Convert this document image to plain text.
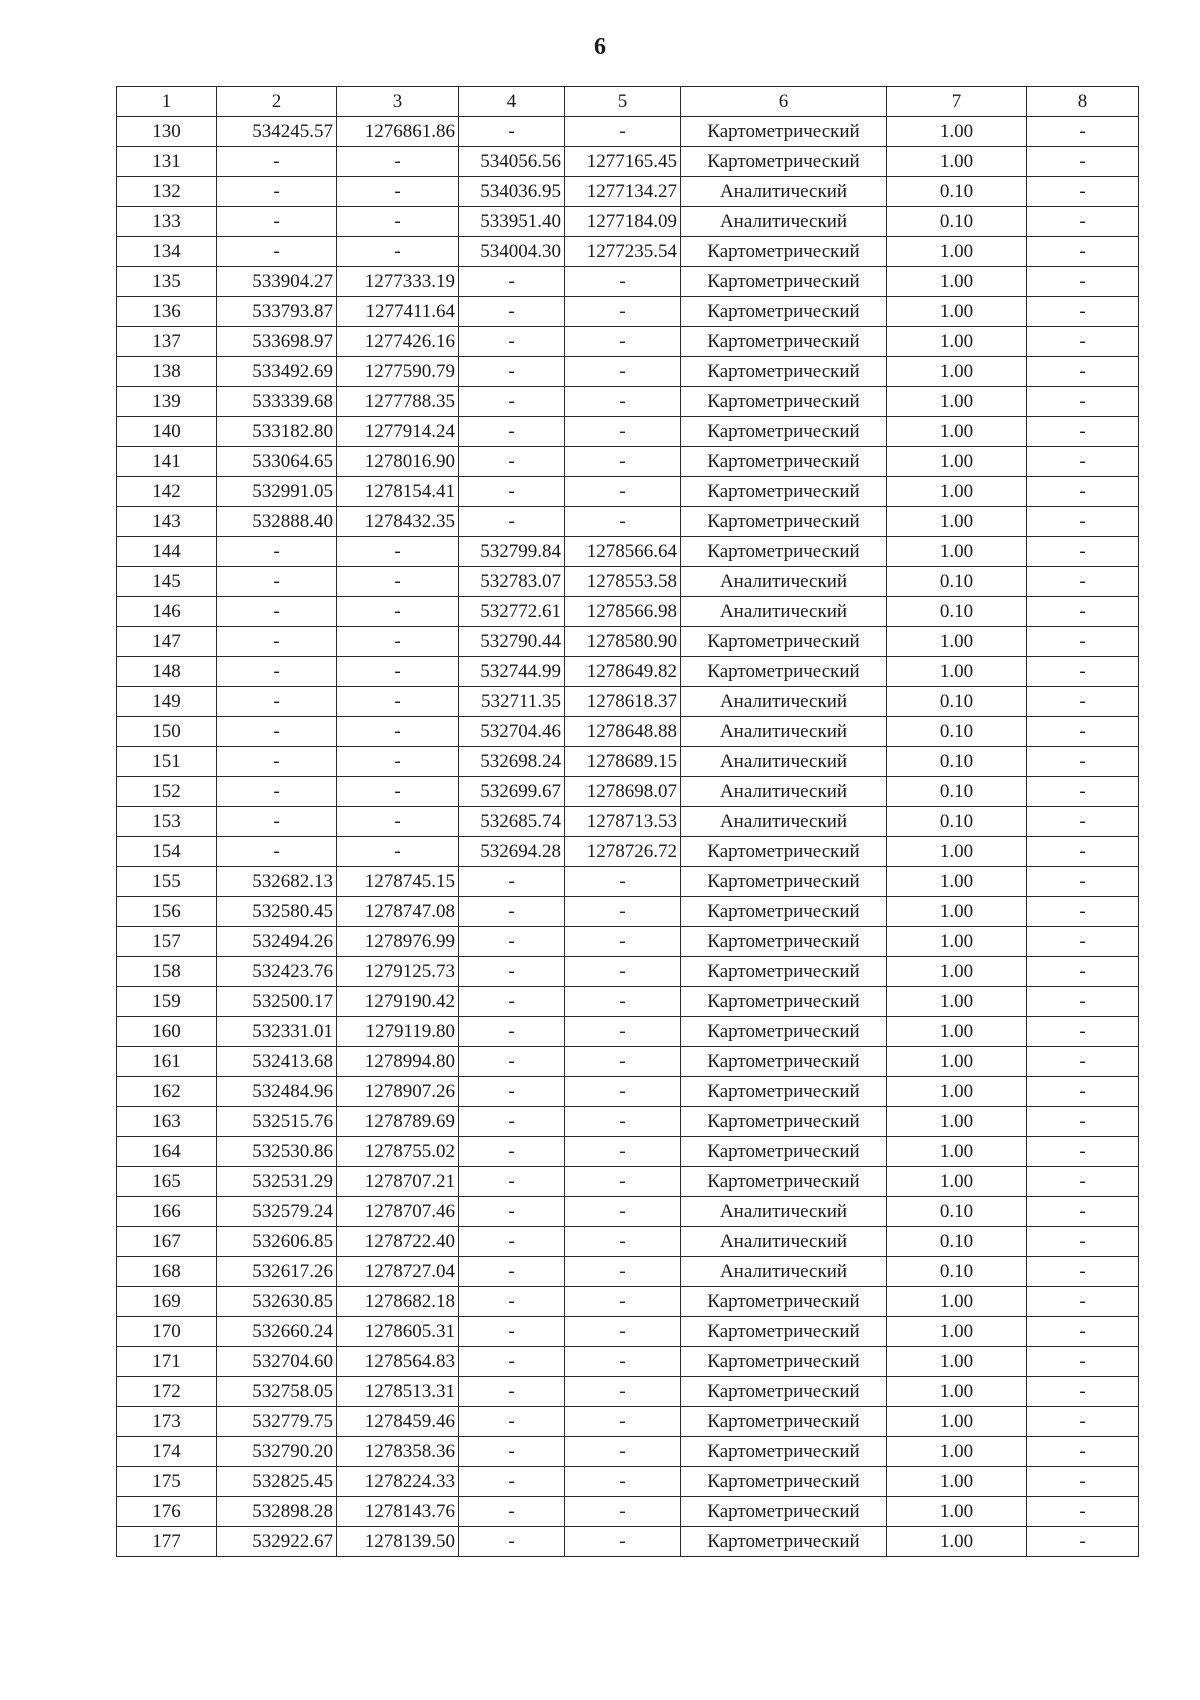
6
1	2	3	4	5	6	7	8
130	534245.57	1276861.86	-	-	Картометрический	1.00	-
131	-	-	534056.56	1277165.45	Картометрический	1.00	-
132	-	-	534036.95	1277134.27	Аналитический	0.10	-
133	-	-	533951.40	1277184.09	Аналитический	0.10	-
134	-	-	534004.30	1277235.54	Картометрический	1.00	-
135	533904.27	1277333.19	-	-	Картометрический	1.00	-
136	533793.87	1277411.64	-	-	Картометрический	1.00	-
137	533698.97	1277426.16	-	-	Картометрический	1.00	-
138	533492.69	1277590.79	-	-	Картометрический	1.00	-
139	533339.68	1277788.35	-	-	Картометрический	1.00	-
140	533182.80	1277914.24	-	-	Картометрический	1.00	-
141	533064.65	1278016.90	-	-	Картометрический	1.00	-
142	532991.05	1278154.41	-	-	Картометрический	1.00	-
143	532888.40	1278432.35	-	-	Картометрический	1.00	-
144	-	-	532799.84	1278566.64	Картометрический	1.00	-
145	-	-	532783.07	1278553.58	Аналитический	0.10	-
146	-	-	532772.61	1278566.98	Аналитический	0.10	-
147	-	-	532790.44	1278580.90	Картометрический	1.00	-
148	-	-	532744.99	1278649.82	Картометрический	1.00	-
149	-	-	532711.35	1278618.37	Аналитический	0.10	-
150	-	-	532704.46	1278648.88	Аналитический	0.10	-
151	-	-	532698.24	1278689.15	Аналитический	0.10	-
152	-	-	532699.67	1278698.07	Аналитический	0.10	-
153	-	-	532685.74	1278713.53	Аналитический	0.10	-
154	-	-	532694.28	1278726.72	Картометрический	1.00	-
155	532682.13	1278745.15	-	-	Картометрический	1.00	-
156	532580.45	1278747.08	-	-	Картометрический	1.00	-
157	532494.26	1278976.99	-	-	Картометрический	1.00	-
158	532423.76	1279125.73	-	-	Картометрический	1.00	-
159	532500.17	1279190.42	-	-	Картометрический	1.00	-
160	532331.01	1279119.80	-	-	Картометрический	1.00	-
161	532413.68	1278994.80	-	-	Картометрический	1.00	-
162	532484.96	1278907.26	-	-	Картометрический	1.00	-
163	532515.76	1278789.69	-	-	Картометрический	1.00	-
164	532530.86	1278755.02	-	-	Картометрический	1.00	-
165	532531.29	1278707.21	-	-	Картометрический	1.00	-
166	532579.24	1278707.46	-	-	Аналитический	0.10	-
167	532606.85	1278722.40	-	-	Аналитический	0.10	-
168	532617.26	1278727.04	-	-	Аналитический	0.10	-
169	532630.85	1278682.18	-	-	Картометрический	1.00	-
170	532660.24	1278605.31	-	-	Картометрический	1.00	-
171	532704.60	1278564.83	-	-	Картометрический	1.00	-
172	532758.05	1278513.31	-	-	Картометрический	1.00	-
173	532779.75	1278459.46	-	-	Картометрический	1.00	-
174	532790.20	1278358.36	-	-	Картометрический	1.00	-
175	532825.45	1278224.33	-	-	Картометрический	1.00	-
176	532898.28	1278143.76	-	-	Картометрический	1.00	-
177	532922.67	1278139.50	-	-	Картометрический	1.00	-
